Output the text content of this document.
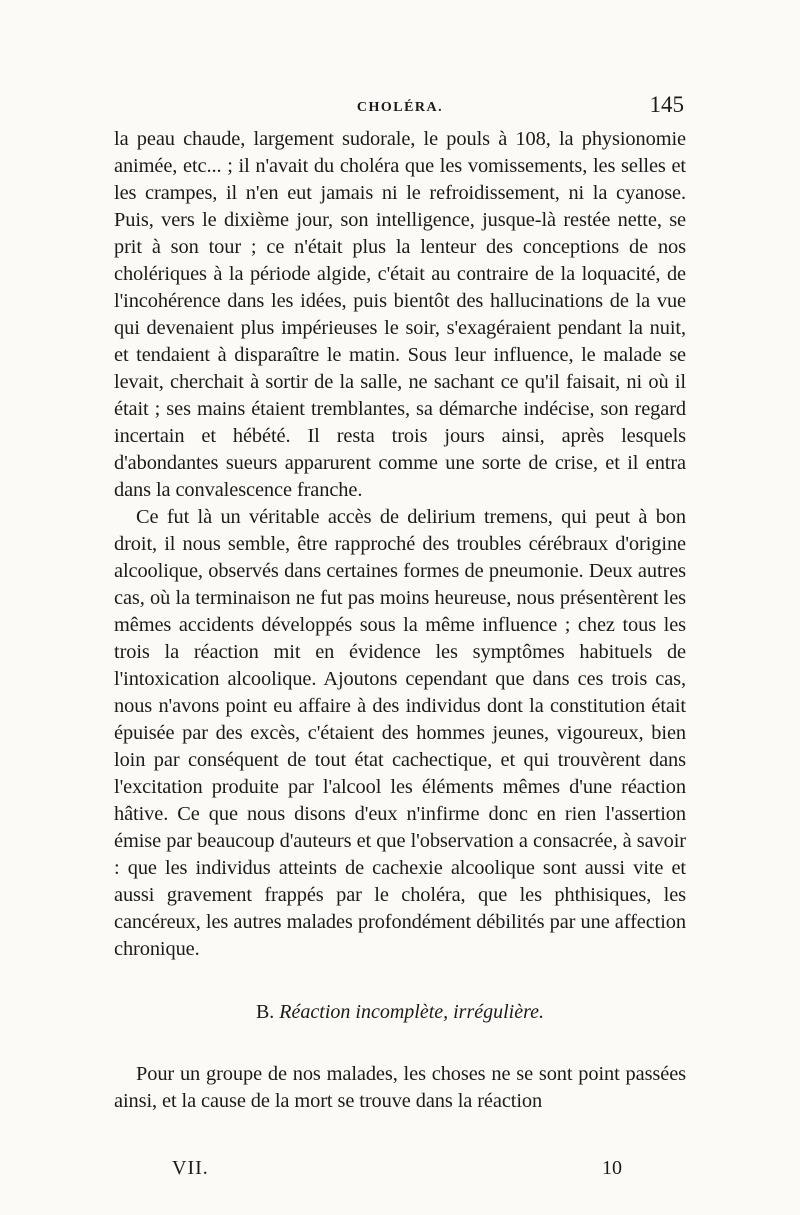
CHOLÉRA.	145

la peau chaude, largement sudorale, le pouls à 108, la physionomie animée, etc... ; il n'avait du choléra que les vomissements, les selles et les crampes, il n'en eut jamais ni le refroidissement, ni la cyanose. Puis, vers le dixième jour, son intelligence, jusque-là restée nette, se prit à son tour ; ce n'était plus la lenteur des conceptions de nos cholériques à la période algide, c'était au contraire de la loquacité, de l'incohérence dans les idées, puis bientôt des hallucinations de la vue qui devenaient plus impérieuses le soir, s'exagéraient pendant la nuit, et tendaient à disparaître le matin. Sous leur influence, le malade se levait, cherchait à sortir de la salle, ne sachant ce qu'il faisait, ni où il était ; ses mains étaient tremblantes, sa démarche indécise, son regard incertain et hébété. Il resta trois jours ainsi, après lesquels d'abondantes sueurs apparurent comme une sorte de crise, et il entra dans la convalescence franche.

Ce fut là un véritable accès de delirium tremens, qui peut à bon droit, il nous semble, être rapproché des troubles cérébraux d'origine alcoolique, observés dans certaines formes de pneumonie. Deux autres cas, où la terminaison ne fut pas moins heureuse, nous présentèrent les mêmes accidents développés sous la même influence ; chez tous les trois la réaction mit en évidence les symptômes habituels de l'intoxication alcoolique. Ajoutons cependant que dans ces trois cas, nous n'avons point eu affaire à des individus dont la constitution était épuisée par des excès, c'étaient des hommes jeunes, vigoureux, bien loin par conséquent de tout état cachectique, et qui trouvèrent dans l'excitation produite par l'alcool les éléments mêmes d'une réaction hâtive. Ce que nous disons d'eux n'infirme donc en rien l'assertion émise par beaucoup d'auteurs et que l'observation a consacrée, à savoir : que les individus atteints de cachexie alcoolique sont aussi vite et aussi gravement frappés par le choléra, que les phthisiques, les cancéreux, les autres malades profondément débilités par une affection chronique.

B. Réaction incomplète, irrégulière.

Pour un groupe de nos malades, les choses ne se sont point passées ainsi, et la cause de la mort se trouve dans la réaction

VII.	10
